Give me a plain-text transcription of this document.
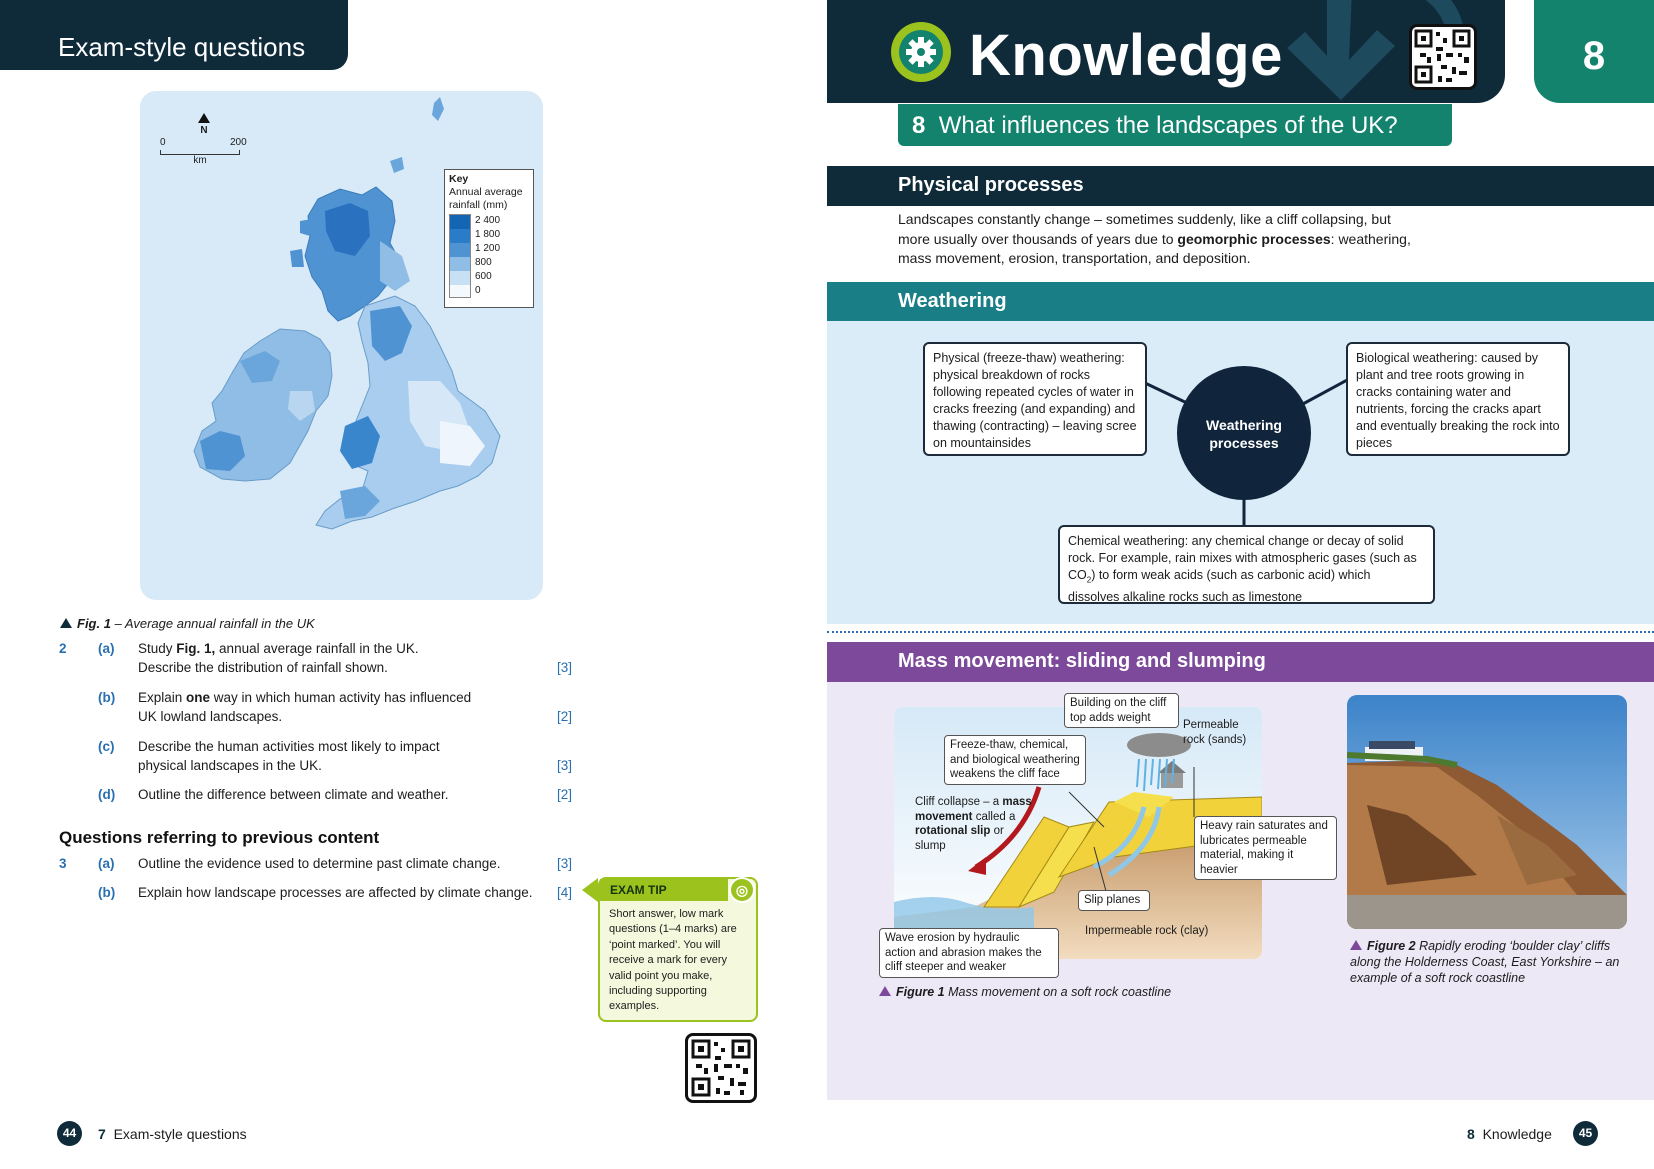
Exam-style questions
N
0	200
km
Key
Annual average rainfall (mm)
2 400
1 800
1 200
800
600
0
Fig. 1 – Average annual rainfall in the UK
2 (a) Study Fig. 1, annual average rainfall in the UK.
Describe the distribution of rainfall shown.	[3]
(b) Explain one way in which human activity has influenced
UK lowland landscapes.	[2]
(c) Describe the human activities most likely to impact
physical landscapes in the UK.	[3]
(d) Outline the difference between climate and weather.	[2]
Questions referring to previous content
3 (a) Outline the evidence used to determine past climate change.	[3]
(b) Explain how landscape processes are affected by climate change.	[4]	EXAM TIP	◎
Short answer, low mark questions (1–4 marks) are ‘point marked’. You will receive a mark for every valid point you make, including supporting examples.
44	7 Exam-style questions
Knowledge	8
8 What influences the landscapes of the UK?
Physical processes
Landscapes constantly change – sometimes suddenly, like a cliff collapsing, but
more usually over thousands of years due to geomorphic processes: weathering,
mass movement, erosion, transportation, and deposition.
Weathering
Weathering processes
Physical (freeze-thaw) weathering: physical breakdown of rocks following repeated cycles of water in cracks freezing (and expanding) and thawing (contracting) – leaving scree on mountainsides
Biological weathering: caused by plant and tree roots growing in cracks containing water and nutrients, forcing the cracks apart and eventually breaking the rock into pieces
Chemical weathering: any chemical change or decay of solid rock. For example, rain mixes with atmospheric gases (such as $CO_2$) to form weak acids (such as carbonic acid) which dissolves alkaline rocks such as limestone
Mass movement: sliding and slumping
Building on the cliff top adds weight
Permeable rock (sands)
Freeze-thaw, chemical, and biological weathering weakens the cliff face
Cliff collapse – a mass movement called a rotational slip or slump
Heavy rain saturates and lubricates permeable material, making it heavier
Slip planes
Impermeable rock (clay)
Wave erosion by hydraulic action and abrasion makes the cliff steeper and weaker
Figure 1 Mass movement on a soft rock coastline
Figure 2 Rapidly eroding ‘boulder clay’ cliffs along the Holderness Coast, East Yorkshire – an example of a soft rock coastline
8 Knowledge	45
